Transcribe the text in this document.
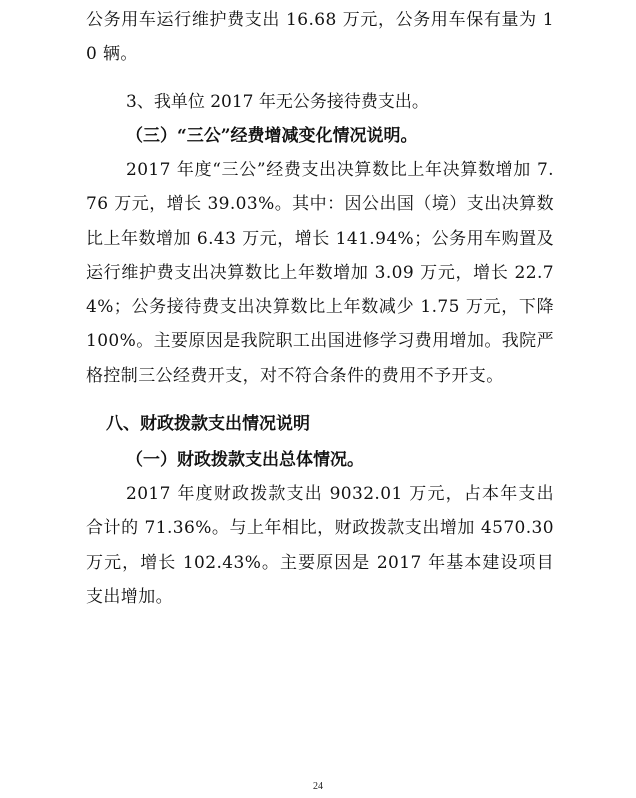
公务用车运行维护费支出 16.68 万元，公务用车保有量为 10 辆。

3、我单位 2017 年无公务接待费支出。

（三）“三公”经费增减变化情况说明。

2017 年度“三公”经费支出决算数比上年决算数增加 7.76 万元，增长 39.03%。其中：因公出国（境）支出决算数比上年数增加 6.43 万元，增长 141.94%；公务用车购置及运行维护费支出决算数比上年数增加 3.09 万元，增长 22.74%；公务接待费支出决算数比上年数减少 1.75 万元，下降 100%。主要原因是我院职工出国进修学习费用增加。我院严格控制三公经费开支，对不符合条件的费用不予开支。

八、财政拨款支出情况说明

（一）财政拨款支出总体情况。

2017 年度财政拨款支出 9032.01 万元，占本年支出合计的 71.36%。与上年相比，财政拨款支出增加 4570.30 万元，增长 102.43%。主要原因是 2017 年基本建设项目支出增加。

24
